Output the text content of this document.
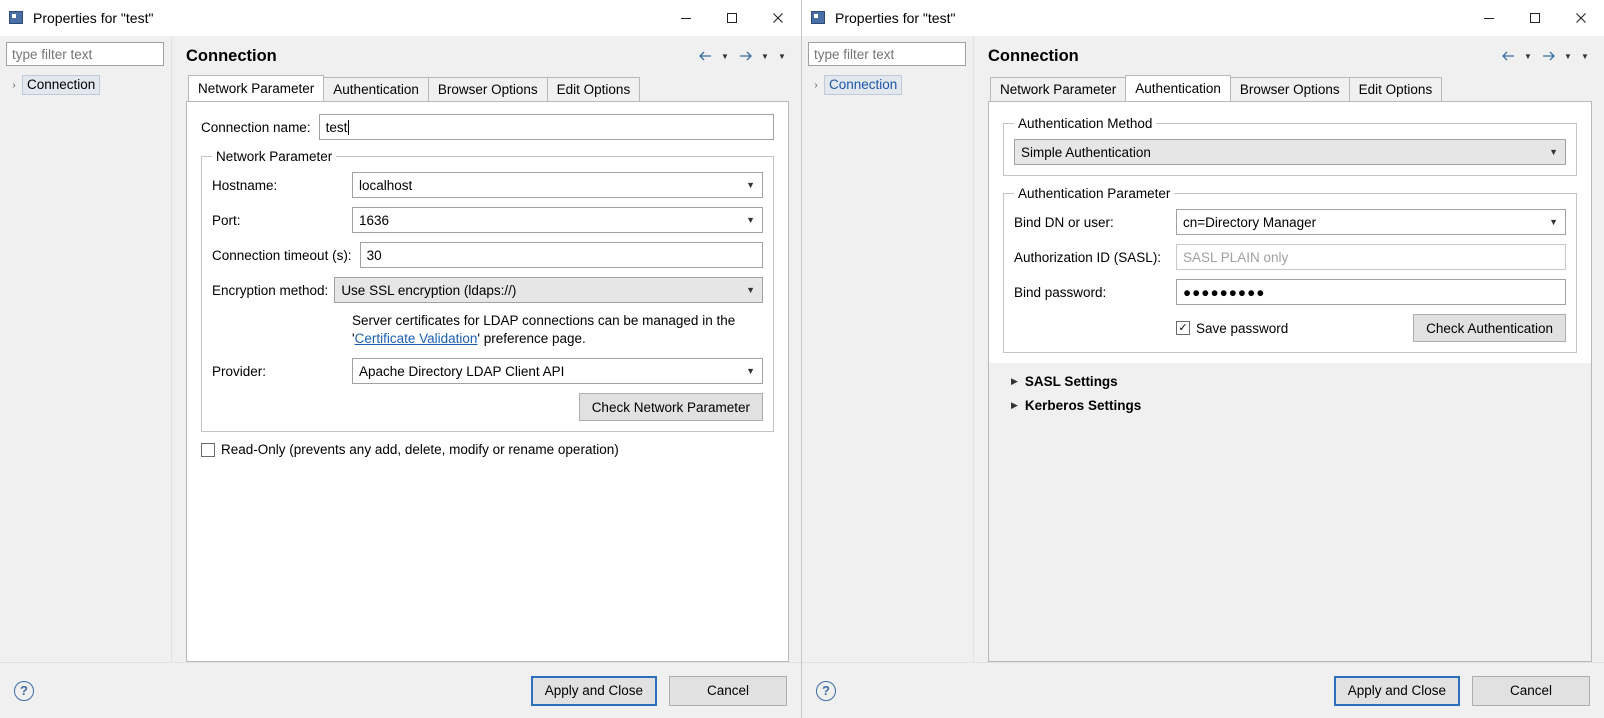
Properties for "test"
type filter text
› Connection
Connection	▼	▼	▼
Network Parameter	Authentication	Browser Options	Edit Options
Connection name: test
Network Parameter
Hostname:	localhost	▼
Port:	1636	▼
Connection timeout (s): 30
Encryption method: Use SSL encryption (ldaps://)	▼
Server certificates for LDAP connections can be managed in the
'Certificate Validation' preference page.
Provider:	Apache Directory LDAP Client API	▼
Check Network Parameter
Read-Only (prevents any add, delete, modify or rename operation)
?	Apply and Close	Cancel
Properties for "test"
type filter text
› Connection
Connection	▼	▼	▼
Network Parameter	Authentication	Browser Options	Edit Options
Authentication Method
Simple Authentication	▼
Authentication Parameter
Bind DN or user:	cn=Directory Manager	▼
Authorization ID (SASL):	SASL PLAIN only
Bind password:	●●●●●●●●●
✓ Save password	Check Authentication
▶ SASL Settings
▶ Kerberos Settings
?	Apply and Close	Cancel
